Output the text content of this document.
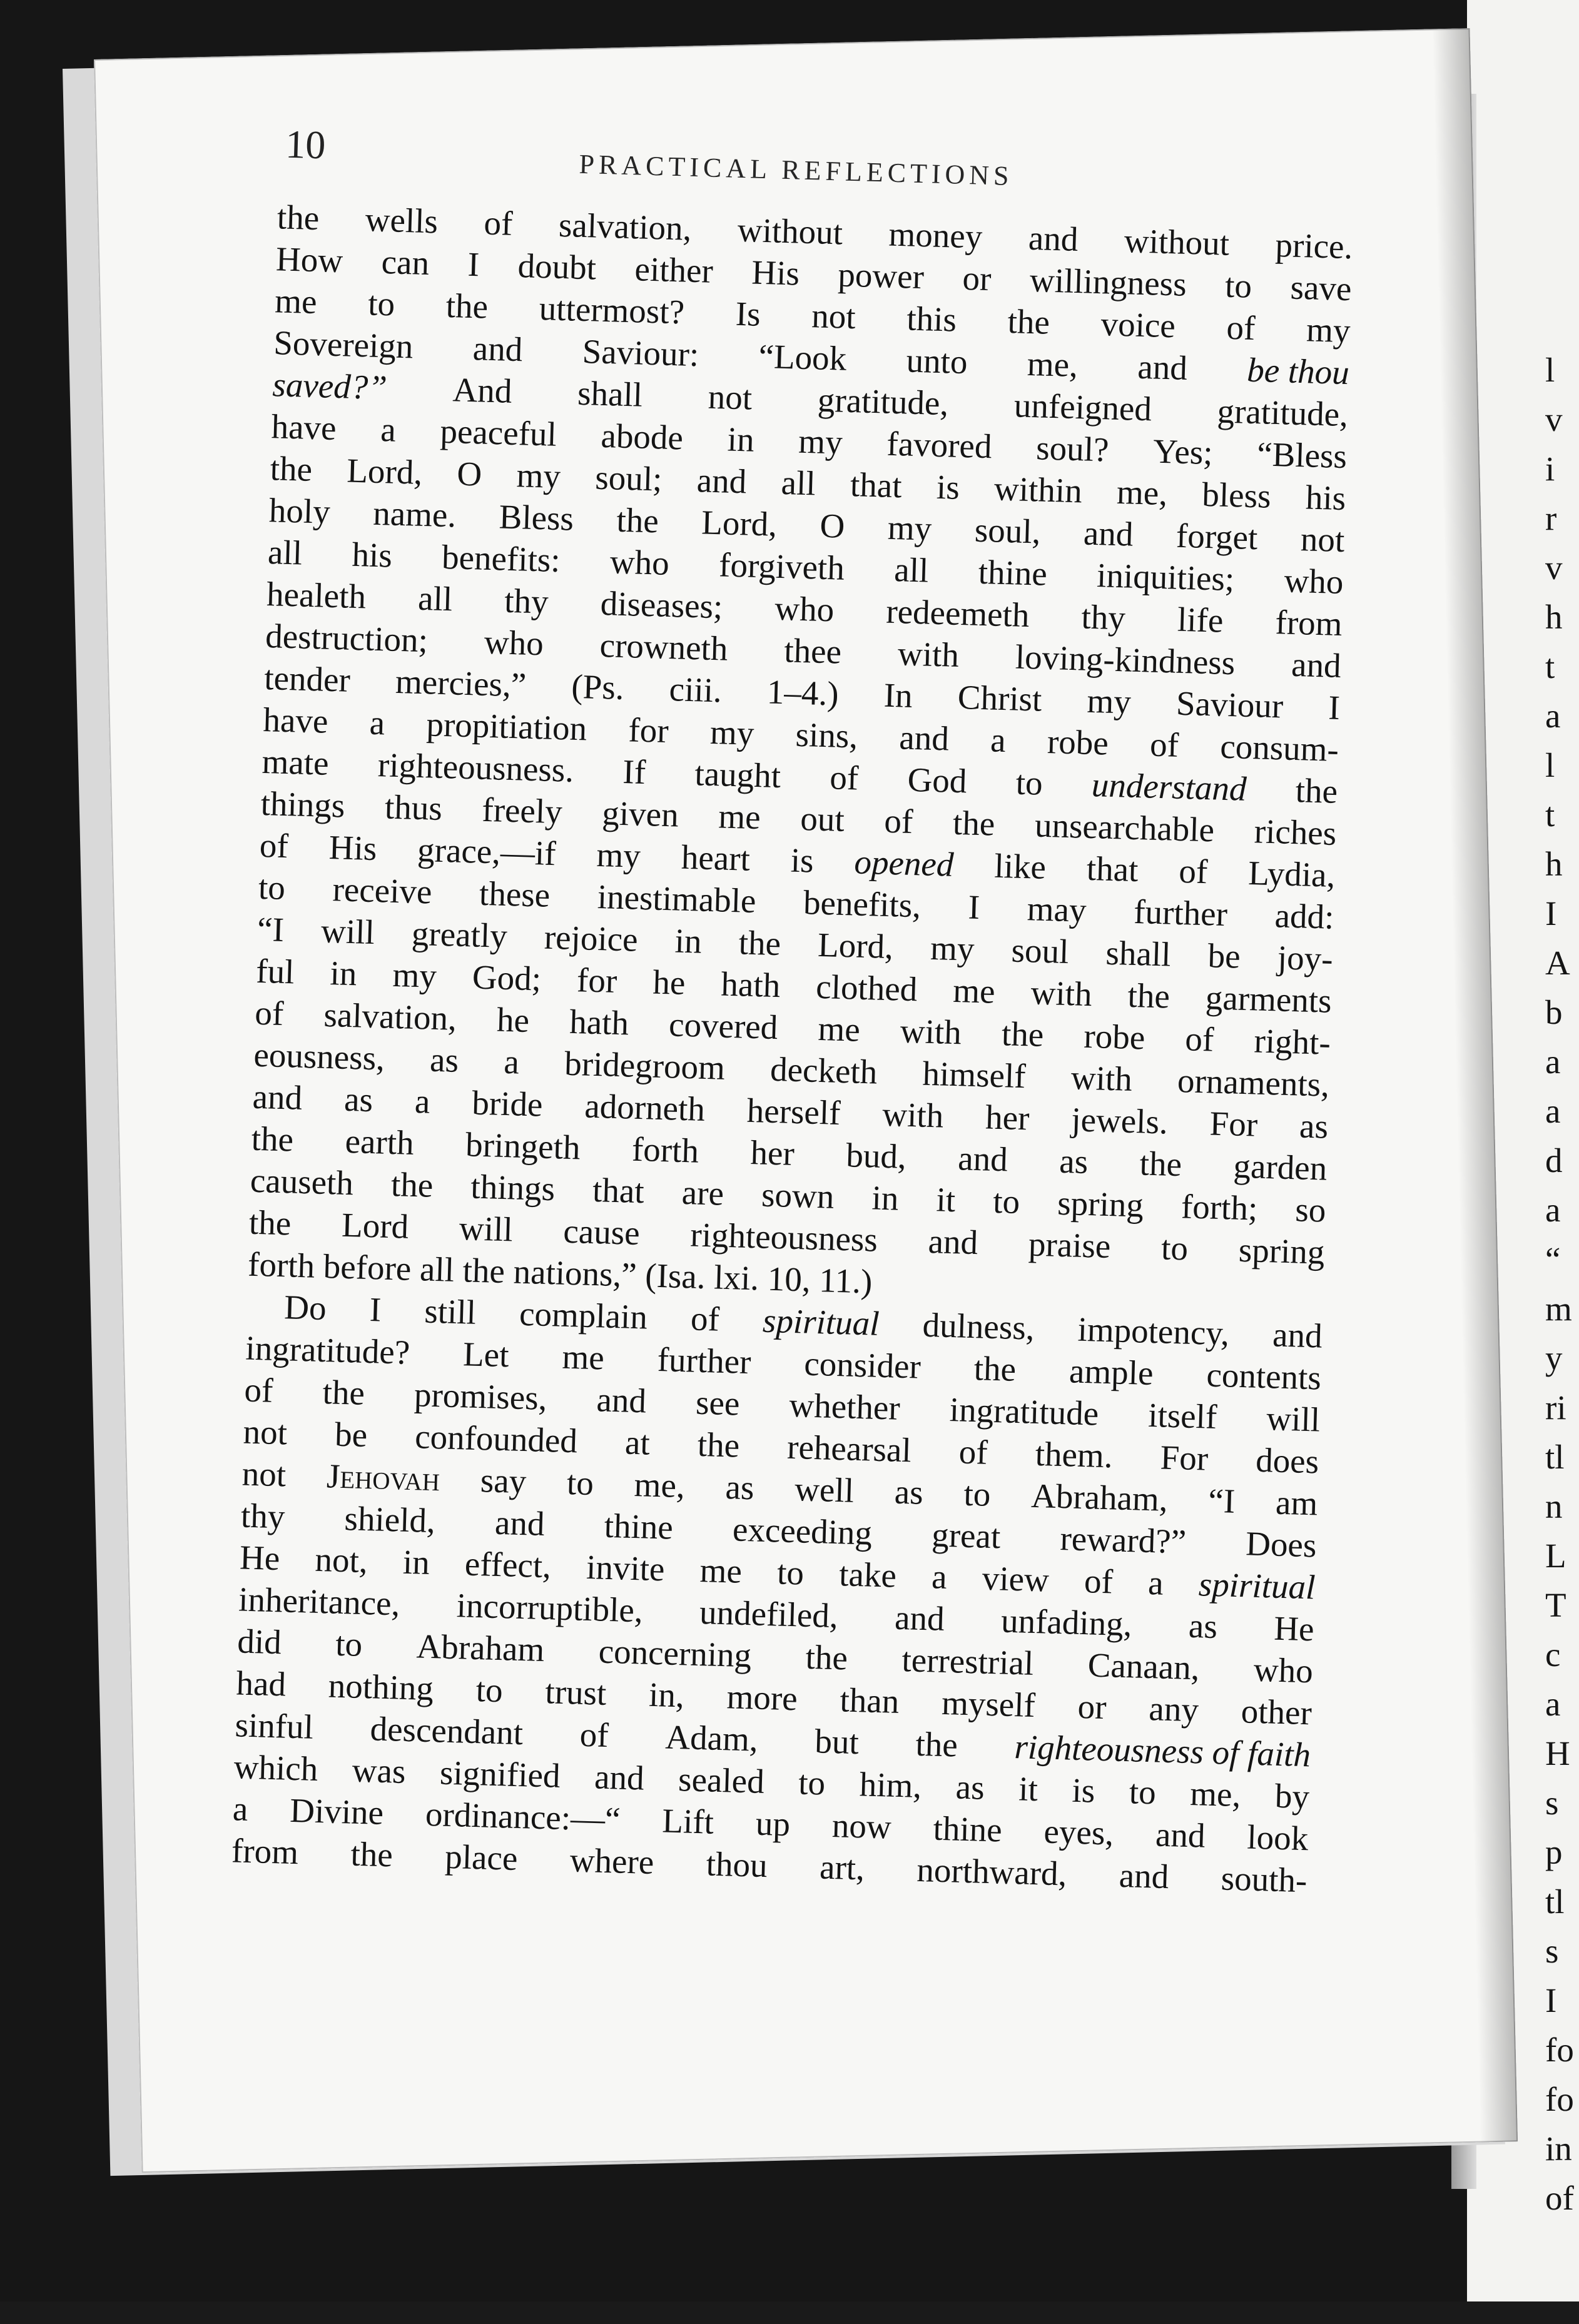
l
v
i
r
v
h
t
a
l
t
h
I
A
b
a
a
d
a
“
m
y
ri
tl
n
L
T
c
a
H
s
p
tl
s
I
fo
fo
in
of
10
PRACTICAL REFLECTIONS
the wells of salvation, without money and without price.
How can I doubt either His power or willingness to save
me to the uttermost? Is not this the voice of my
Sovereign and Saviour: “Look unto me, and be thou
saved?” And shall not gratitude, unfeigned gratitude,
have a peaceful abode in my favored soul? Yes; “Bless
the Lord, O my soul; and all that is within me, bless his
holy name. Bless the Lord, O my soul, and forget not
all his benefits: who forgiveth all thine iniquities; who
healeth all thy diseases; who redeemeth thy life from
destruction; who crowneth thee with loving-kindness and
tender mercies,” (Ps. ciii. 1–4.) In Christ my Saviour I
have a propitiation for my sins, and a robe of consum-
mate righteousness. If taught of God to understand the
things thus freely given me out of the unsearchable riches
of His grace,—if my heart is opened like that of Lydia,
to receive these inestimable benefits, I may further add:
“I will greatly rejoice in the Lord, my soul shall be joy-
ful in my God; for he hath clothed me with the garments
of salvation, he hath covered me with the robe of right-
eousness, as a bridegroom decketh himself with ornaments,
and as a bride adorneth herself with her jewels. For as
the earth bringeth forth her bud, and as the garden
causeth the things that are sown in it to spring forth; so
the Lord will cause righteousness and praise to spring
forth
before
all
the
nations,”
(Isa.
lxi.
10,
11.)
Do I still complain of spiritual dulness, impotency, and
ingratitude? Let me further consider the ample contents
of the promises, and see whether ingratitude itself will
not be confounded at the rehearsal of them. For does
not Jehovah say to me, as well as to Abraham, “I am
thy shield, and thine exceeding great reward?” Does
He not, in effect, invite me to take a view of a spiritual
inheritance, incorruptible, undefiled, and unfading, as He
did to Abraham concerning the terrestrial Canaan, who
had nothing to trust in, more than myself or any other
sinful descendant of Adam, but the righteousness of faith
which was signified and sealed to him, as it is to me, by
a Divine ordinance:—“ Lift up now thine eyes, and look
from the place where thou art, northward, and south-
